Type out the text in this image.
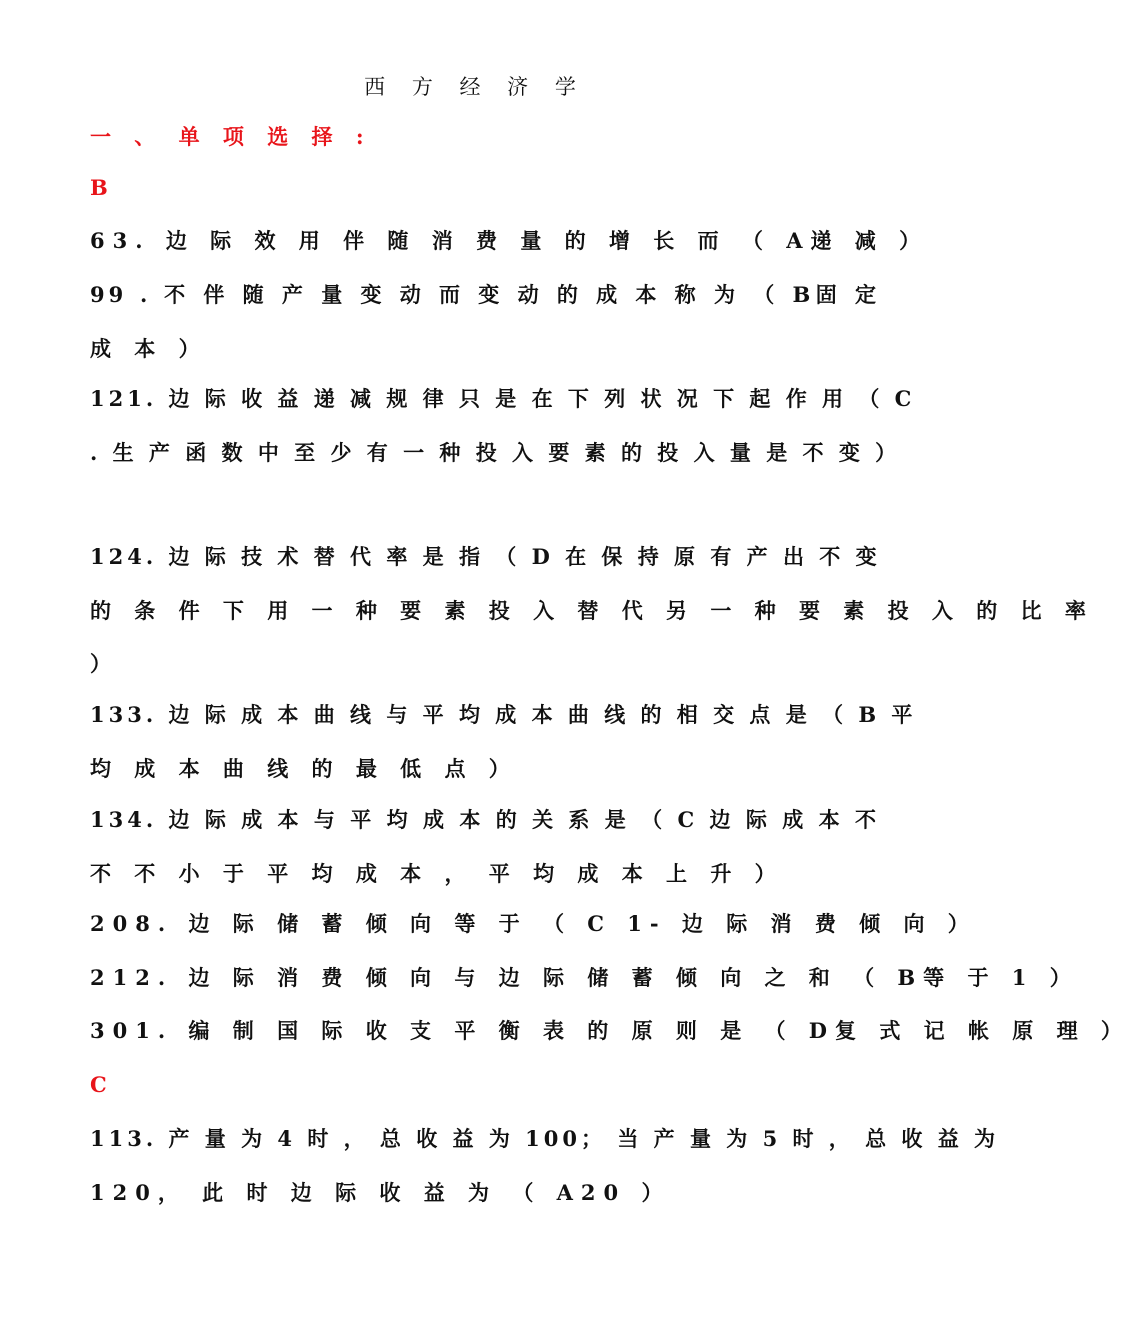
西 方 经 济 学
一 、 单 项 选 择 :
B
63. 边 际 效 用 伴 随 消 费 量 的 增 长 而 （ A递 减 ）
99 . 不 伴 随 产 量 变 动 而 变 动 的 成 本 称 为 （ B固 定
成 本 ）
121. 边 际 收 益 递 减 规 律 只 是 在 下 列 状 况 下 起 作 用 （ C
. 生 产 函 数 中 至 少 有 一 种 投 入 要 素 的 投 入 量 是 不 变 ）
124. 边 际 技 术 替 代 率 是 指 （ D 在 保 持 原 有 产 出 不 变
的 条 件 下 用 一 种 要 素 投 入 替 代 另 一 种 要 素 投 入 的 比 率
）
133. 边 际 成 本 曲 线 与 平 均 成 本 曲 线 的 相 交 点 是 （ B 平
均 成 本 曲 线 的 最 低 点 ）
134. 边 际 成 本 与 平 均 成 本 的 关 系 是 （ C 边 际 成 本 不
不 不 小 于 平 均 成 本 ， 平 均 成 本 上 升 ）
208. 边 际 储 蓄 倾 向 等 于 （ C 1- 边 际 消 费 倾 向 ）
212. 边 际 消 费 倾 向 与 边 际 储 蓄 倾 向 之 和 （ B等 于 1 ）
301. 编 制 国 际 收 支 平 衡 表 的 原 则 是 （ D复 式 记 帐 原 理 ）
C
113. 产 量 为 4 时 ， 总 收 益 为 100； 当 产 量 为 5 时 ， 总 收 益 为
120， 此 时 边 际 收 益 为 （ A20 ）
